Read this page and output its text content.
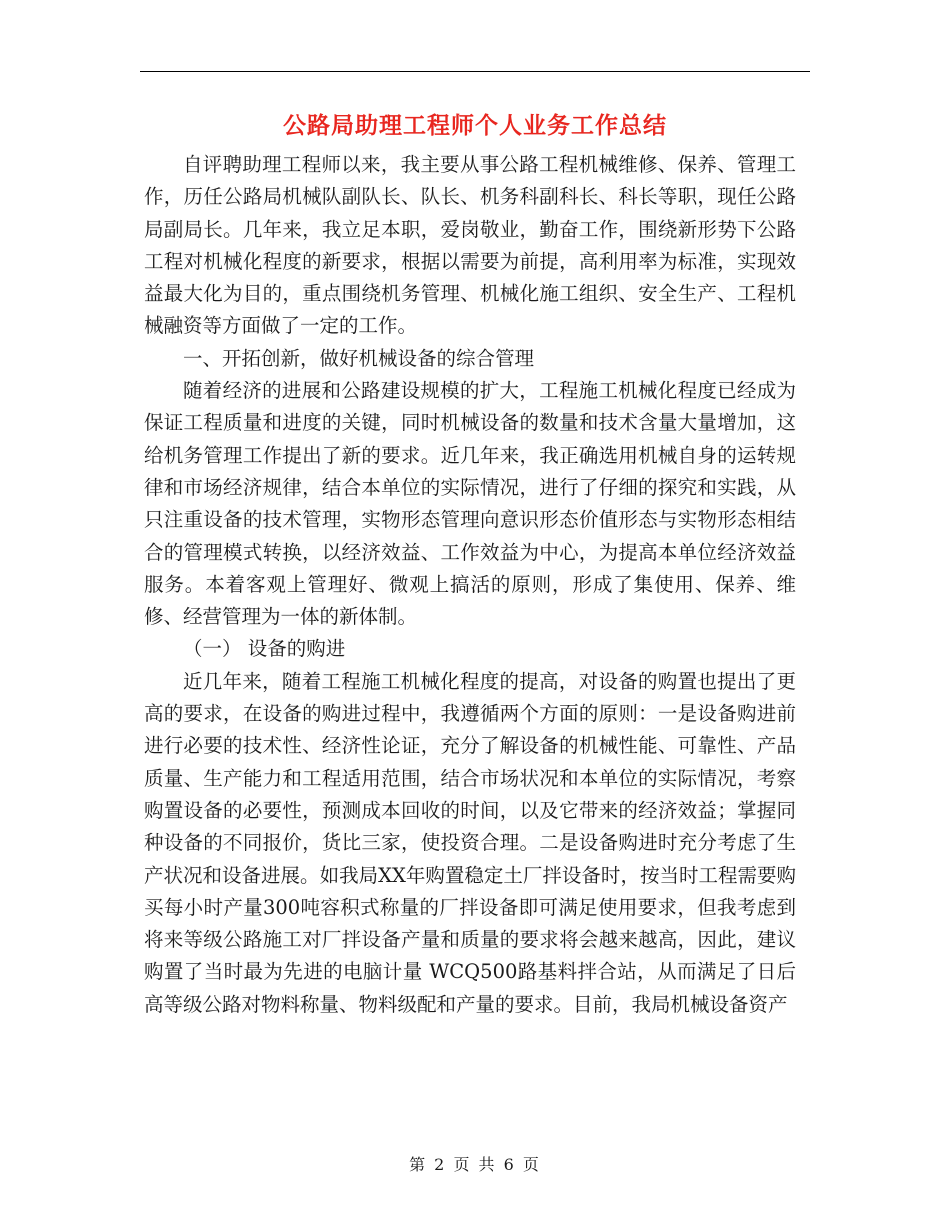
公路局助理工程师个人业务工作总结

自评聘助理工程师以来，我主要从事公路工程机械维修、保养、管理工作，历任公路局机械队副队长、队长、机务科副科长、科长等职，现任公路局副局长。几年来，我立足本职，爱岗敬业，勤奋工作，围绕新形势下公路工程对机械化程度的新要求，根据以需要为前提，高利用率为标准，实现效益最大化为目的，重点围绕机务管理、机械化施工组织、安全生产、工程机械融资等方面做了一定的工作。

一、开拓创新，做好机械设备的综合管理

随着经济的进展和公路建设规模的扩大，工程施工机械化程度已经成为保证工程质量和进度的关键，同时机械设备的数量和技术含量大量增加，这给机务管理工作提出了新的要求。近几年来，我正确选用机械自身的运转规律和市场经济规律，结合本单位的实际情况，进行了仔细的探究和实践，从只注重设备的技术管理，实物形态管理向意识形态价值形态与实物形态相结合的管理模式转换，以经济效益、工作效益为中心，为提高本单位经济效益服务。本着客观上管理好、微观上搞活的原则，形成了集使用、保养、维修、经营管理为一体的新体制。

（一） 设备的购进

近几年来，随着工程施工机械化程度的提高，对设备的购置也提出了更高的要求，在设备的购进过程中，我遵循两个方面的原则：一是设备购进前进行必要的技术性、经济性论证，充分了解设备的机械性能、可靠性、产品质量、生产能力和工程适用范围，结合市场状况和本单位的实际情况，考察购置设备的必要性，预测成本回收的时间，以及它带来的经济效益；掌握同种设备的不同报价，货比三家，使投资合理。二是设备购进时充分考虑了生产状况和设备进展。如我局XX年购置稳定土厂拌设备时，按当时工程需要购买每小时产量300吨容积式称量的厂拌设备即可满足使用要求，但我考虑到将来等级公路施工对厂拌设备产量和质量的要求将会越来越高，因此，建议购置了当时最为先进的电脑计量 WCQ500路基料拌合站，从而满足了日后高等级公路对物料称量、物料级配和产量的要求。目前，我局机械设备资产

第 2 页 共 6 页
